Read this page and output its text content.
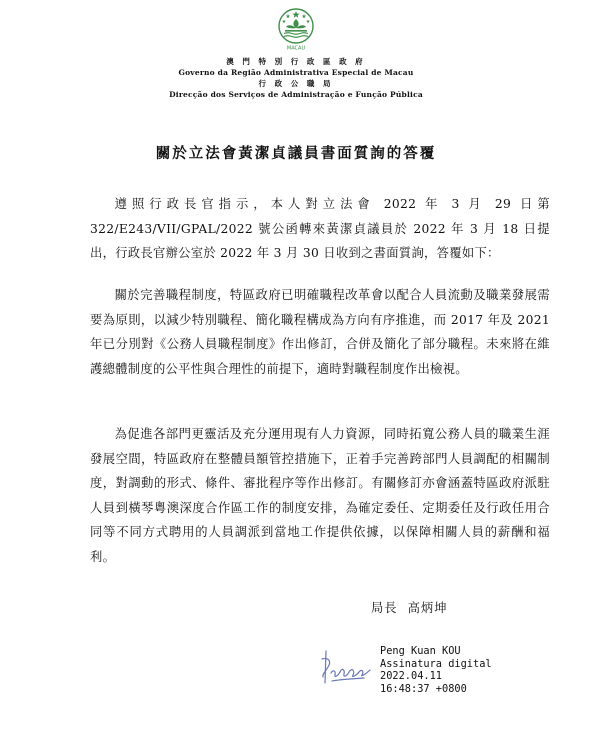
MACAU
澳 門 特 別 行 政 區 政 府
Governo da Região Administrativa Especial de Macau
行 政 公 職 局
Direcção dos Serviços de Administração e Função Pública
關於立法會黃潔貞議員書面質詢的答覆

遵照行政長官指示，本人對立法會 2022 年 3 月 29 日第 322/E243/VII/GPAL/2022 號公函轉來黃潔貞議員於 2022 年 3 月 18 日提出，行政長官辦公室於 2022 年 3 月 30 日收到之書面質詢，答覆如下：

關於完善職程制度，特區政府已明確職程改革會以配合人員流動及職業發展需要為原則，以減少特別職程、簡化職程構成為方向有序推進，而 2017 年及 2021 年已分別對《公務人員職程制度》作出修訂，合併及簡化了部分職程。未來將在維護總體制度的公平性與合理性的前提下，適時對職程制度作出檢視。

為促進各部門更靈活及充分運用現有人力資源，同時拓寬公務人員的職業生涯發展空間，特區政府在整體員額管控措施下，正着手完善跨部門人員調配的相關制度，對調動的形式、條件、審批程序等作出修訂。有關修訂亦會涵蓋特區政府派駐人員到橫琴粵澳深度合作區工作的制度安排，為確定委任、定期委任及行政任用合同等不同方式聘用的人員調派到當地工作提供依據，以保障相關人員的薪酬和福利。

局長 高炳坤
Peng Kuan KOU
Assinatura digital
2022.04.11
16:48:37 +0800
